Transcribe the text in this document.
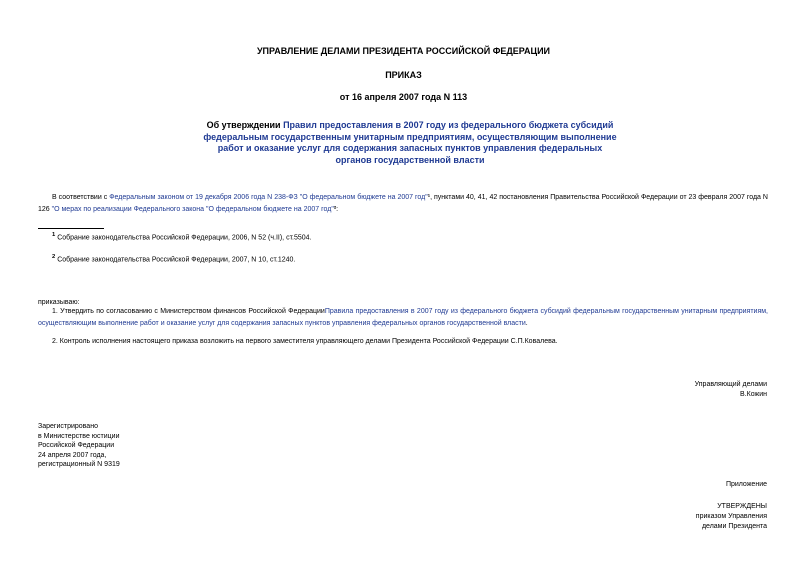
УПРАВЛЕНИЕ ДЕЛАМИ ПРЕЗИДЕНТА РОССИЙСКОЙ ФЕДЕРАЦИИ
ПРИКАЗ
от 16 апреля 2007 года N 113
Об утверждении Правил предоставления в 2007 году из федерального бюджета субсидий федеральным государственным унитарным предприятиям, осуществляющим выполнение работ и оказание услуг для содержания запасных пунктов управления федеральных органов государственной власти
В соответствии с Федеральным законом от 19 декабря 2006 года N 238-ФЗ "О федеральном бюджете на 2007 год"¹, пунктами 40, 41, 42 постановления Правительства Российской Федерации от 23 февраля 2007 года N 126 "О мерах по реализации Федерального закона "О федеральном бюджете на 2007 год"²:
$^1$ Собрание законодательства Российской Федерации, 2006, N 52 (ч.II), ст.5504.
$^2$ Собрание законодательства Российской Федерации, 2007, N 10, ст.1240.
приказываю:
1. Утвердить по согласованию с Министерством финансов Российской ФедерацииПравила предоставления в 2007 году из федерального бюджета субсидий федеральным государственным унитарным предприятиям, осуществляющим выполнение работ и оказание услуг для содержания запасных пунктов управления федеральных органов государственной власти.
2. Контроль исполнения настоящего приказа возложить на первого заместителя управляющего делами Президента Российской Федерации С.П.Ковалева.
Управляющий делами
В.Кожин
Зарегистрировано
в Министерстве юстиции
Российской Федерации
24 апреля 2007 года,
регистрационный N 9319
Приложение
УТВЕРЖДЕНЫ
приказом Управления
делами Президента
